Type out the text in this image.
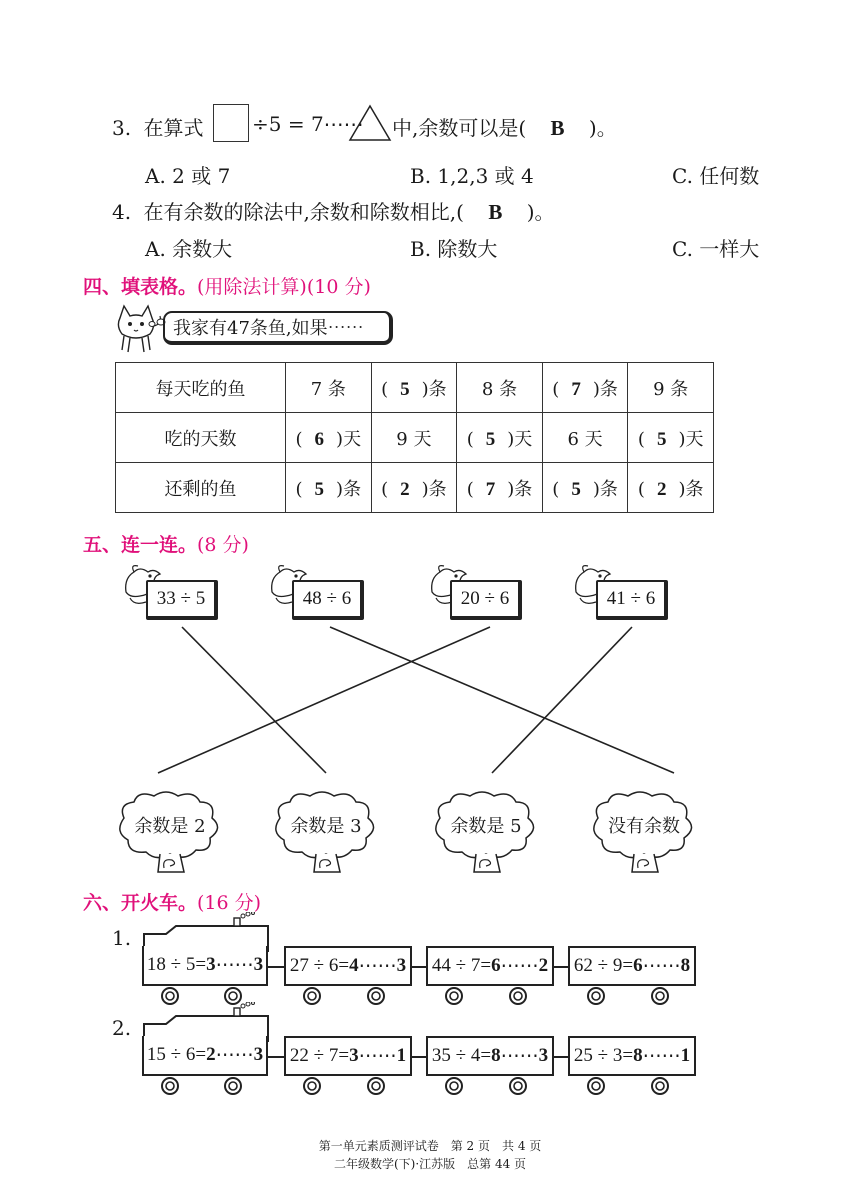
3. 在算式 ÷5 = 7⋯⋯ 中,余数可以是( B )。
A. 2 或 7	B. 1,2,3 或 4	C. 任何数
4. 在有余数的除法中,余数和除数相比,( B )。
A. 余数大	B. 除数大	C. 一样大
四、填表格。(用除法计算)(10 分)
我家有47条鱼,如果⋯⋯
每天吃的鱼	7 条	( 5 )条	8 条	( 7 )条	9 条
吃的天数	( 6 )天	9 天	( 5 )天	6 天	( 5 )天
还剩的鱼	( 5 )条	( 2 )条	( 7 )条	( 5 )条	( 2 )条
五、连一连。(8 分)
33 ÷ 5	48 ÷ 6	20 ÷ 6	41 ÷ 6
余数是 2	余数是 3	余数是 5	没有余数
六、开火车。(16 分)
1.
18 ÷ 5= 3 ⋯⋯ 3 27 ÷ 6= 4 ⋯⋯ 3 44 ÷ 7= 6 ⋯⋯ 2 62 ÷ 9= 6 ⋯⋯ 8
2.
15 ÷ 6= 2 ⋯⋯ 3 22 ÷ 7= 3 ⋯⋯ 1 35 ÷ 4= 8 ⋯⋯ 3 25 ÷ 3= 8 ⋯⋯ 1
第一单元素质测评试卷　第 2 页　共 4 页
二年级数学(下)·江苏版　总第 44 页
